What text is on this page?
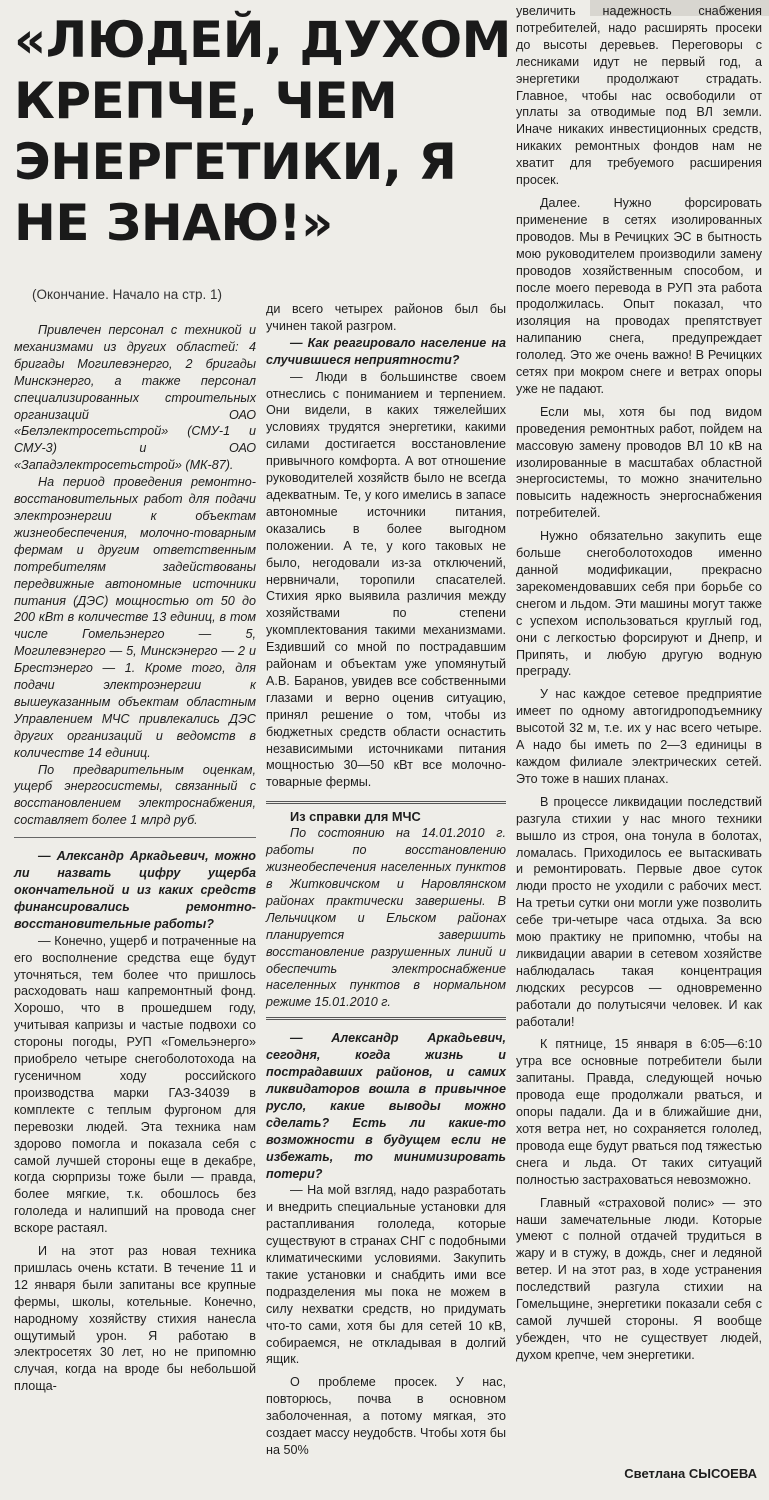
«ЛЮДЕЙ, ДУХОМ КРЕПЧЕ, ЧЕМ ЭНЕРГЕТИКИ, Я НЕ ЗНАЮ!»
(Окончание. Начало на стр. 1)

Привлечен персонал с техникой и механизмами из других областей: 4 бригады Могилевэнерго, 2 бригады Минскэнерго, а также персонал специализированных строительных организаций ОАО «Белэлектросетьстрой» (СМУ-1 и СМУ-3) и ОАО «Западэлектросетьстрой» (МК-87).

На период проведения ремонтно-восстановительных работ для подачи электроэнергии к объектам жизнеобеспечения, молочно-товарным фермам и другим ответственным потребителям задействованы передвижные автономные источники питания (ДЭС) мощностью от 50 до 200 кВт в количестве 13 единиц, в том числе Гомельэнерго — 5, Могилевэнерго — 5, Минскэнерго — 2 и Брестэнерго — 1. Кроме того, для подачи электроэнергии к вышеуказанным объектам областным Управлением МЧС привлекались ДЭС других организаций и ведомств в количестве 14 единиц.

По предварительным оценкам, ущерб энергосистемы, связанный с восстановлением электроснабжения, составляет более 1 млрд руб.

— Александр Аркадьевич, можно ли назвать цифру ущерба окончательной и из каких средств финансировались ремонтно-восстановительные работы?

— Конечно, ущерб и потраченные на его восполнение средства еще будут уточняться, тем более что пришлось расходовать наш капремонтный фонд. Хорошо, что в прошедшем году, учитывая капризы и частые подвохи со стороны погоды, РУП «Гомельэнерго» приобрело четыре снегоболотохода на гусеничном ходу российского производства марки ГАЗ-34039 в комплекте с теплым фургоном для перевозки людей. Эта техника нам здорово помогла и показала себя с самой лучшей стороны еще в декабре, когда сюрпризы тоже были — правда, более мягкие, т.к. обошлось без гололеда и налипший на провода снег вскоре растаял.

И на этот раз новая техника пришлась очень кстати. В течение 11 и 12 января были запитаны все крупные фермы, школы, котельные. Конечно, народному хозяйству стихия нанесла ощутимый урон. Я работаю в электросетях 30 лет, но не припомню случая, когда на вроде бы небольшой площа-

ди всего четырех районов был бы учинен такой разгром.

— Как реагировало население на случившиеся неприятности?

— Люди в большинстве своем отнеслись с пониманием и терпением. Они видели, в каких тяжелейших условиях трудятся энергетики, какими силами достигается восстановление привычного комфорта. А вот отношение руководителей хозяйств было не всегда адекватным. Те, у кого имелись в запасе автономные источники питания, оказались в более выгодном положении. А те, у кого таковых не было, негодовали из-за отключений, нервничали, торопили спасателей. Стихия ярко выявила различия между хозяйствами по степени укомплектования такими механизмами. Ездивший со мной по пострадавшим районам и объектам уже упомянутый А.В. Баранов, увидев все собственными глазами и верно оценив ситуацию, принял решение о том, чтобы из бюджетных средств области оснастить независимыми источниками питания мощностью 30—50 кВт все молочно-товарные фермы.

Из справки для МЧС

По состоянию на 14.01.2010 г. работы по восстановлению жизнеобеспечения населенных пунктов в Житковичском и Наровлянском районах практически завершены. В Лельчицком и Ельском районах планируется завершить восстановление разрушенных линий и обеспечить электроснабжение населенных пунктов в нормальном режиме 15.01.2010 г.

— Александр Аркадьевич, сегодня, когда жизнь и пострадавших районов, и самих ликвидаторов вошла в привычное русло, какие выводы можно сделать? Есть ли какие-то возможности в будущем если не избежать, то минимизировать потери?

— На мой взгляд, надо разработать и внедрить специальные установки для растапливания гололеда, которые существуют в странах СНГ с подобными климатическими условиями. Закупить такие установки и снабдить ими все подразделения мы пока не можем в силу нехватки средств, но придумать что-то сами, хотя бы для сетей 10 кВ, собираемся, не откладывая в долгий ящик.

О проблеме просек. У нас, повторюсь, почва в основном заболоченная, а потому мягкая, это создает массу неудобств. Чтобы хотя бы на 50%

увеличить надежность снабжения потребителей, надо расширять просеки до высоты деревьев. Переговоры с лесниками идут не первый год, а энергетики продолжают страдать. Главное, чтобы нас освободили от уплаты за отводимые под ВЛ земли. Иначе никаких инвестиционных средств, никаких ремонтных фондов нам не хватит для требуемого расширения просек.

Далее. Нужно форсировать применение в сетях изолированных проводов. Мы в Речицких ЭС в бытность мою руководителем производили замену проводов хозяйственным способом, и после моего перевода в РУП эта работа продолжилась. Опыт показал, что изоляция на проводах препятствует налипанию снега, предупреждает гололед. Это же очень важно! В Речицких сетях при мокром снеге и ветрах опоры уже не падают.

Если мы, хотя бы под видом проведения ремонтных работ, пойдем на массовую замену проводов ВЛ 10 кВ на изолированные в масштабах областной энергосистемы, то можно значительно повысить надежность энергоснабжения потребителей.

Нужно обязательно закупить еще больше снегоболотоходов именно данной модификации, прекрасно зарекомендовавших себя при борьбе со снегом и льдом. Эти машины могут также с успехом использоваться круглый год, они с легкостью форсируют и Днепр, и Припять, и любую другую водную преграду.

У нас каждое сетевое предприятие имеет по одному автогидроподъемнику высотой 32 м, т.е. их у нас всего четыре. А надо бы иметь по 2—3 единицы в каждом филиале электрических сетей. Это тоже в наших планах.

В процессе ликвидации последствий разгула стихии у нас много техники вышло из строя, она тонула в болотах, ломалась. Приходилось ее вытаскивать и ремонтировать. Первые двое суток люди просто не уходили с рабочих мест. На третьи сутки они могли уже позволить себе три-четыре часа отдыха. За всю мою практику не припомню, чтобы на ликвидации аварии в сетевом хозяйстве наблюдалась такая концентрация людских ресурсов — одновременно работали до полутысячи человек. И как работали!

К пятнице, 15 января в 6:05—6:10 утра все основные потребители были запитаны. Правда, следующей ночью провода еще продолжали рваться, и опоры падали. Да и в ближайшие дни, хотя ветра нет, но сохраняется гололед, провода еще будут рваться под тяжестью снега и льда. От таких ситуаций полностью застраховаться невозможно.

Главный «страховой полис» — это наши замечательные люди. Которые умеют с полной отдачей трудиться в жару и в стужу, в дождь, снег и ледяной ветер. И на этот раз, в ходе устранения последствий разгула стихии на Гомельщине, энергетики показали себя с самой лучшей стороны. Я вообще убежден, что не существует людей, духом крепче, чем энергетики.

Светлана СЫСОЕВА
